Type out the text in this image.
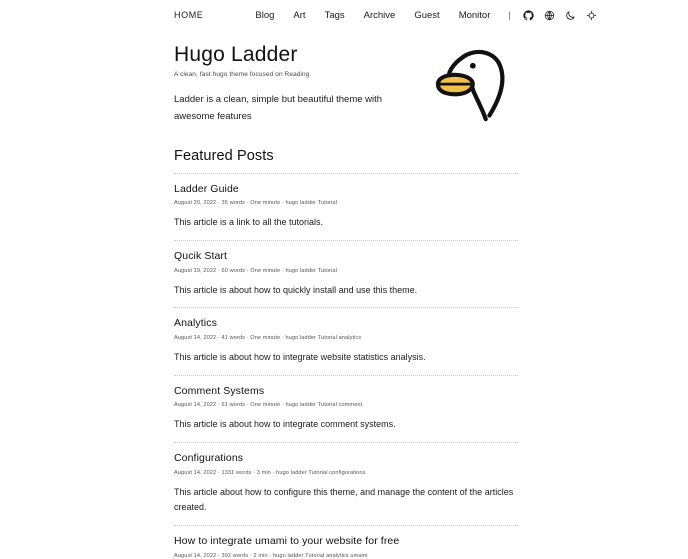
HOME	Blog Art Tags Archive Guest Monitor |
Hugo Ladder
A clean, fast hugo theme focused on Reading
Ladder is a clean, simple but beautiful theme with awesome features
Featured Posts
Ladder Guide
August 20, 2022 · 35 words · One minute · hugo ladder Tutorial
This article is a link to all the tutorials.
Qucik Start
August 19, 2022 · 60 words · One minute · hugo ladder Tutorial
This article is about how to quickly install and use this theme.
Analytics
August 14, 2022 · 41 words · One minute · hugo ladder Tutorial analytics
This article is about how to integrate website statistics analysis.
Comment Systems
August 14, 2022 · 61 words · One minute · hugo ladder Tutorial comment
This article is about how to integrate comment systems.
Configurations
August 14, 2022 · 1331 words · 3 min · hugo ladder Tutorial configurations
This article about how to configure this theme, and manage the content of the articles created.
How to integrate umami to your website for free
August 14, 2022 · 392 words · 2 min · hugo ladder Tutorial analytics umami
